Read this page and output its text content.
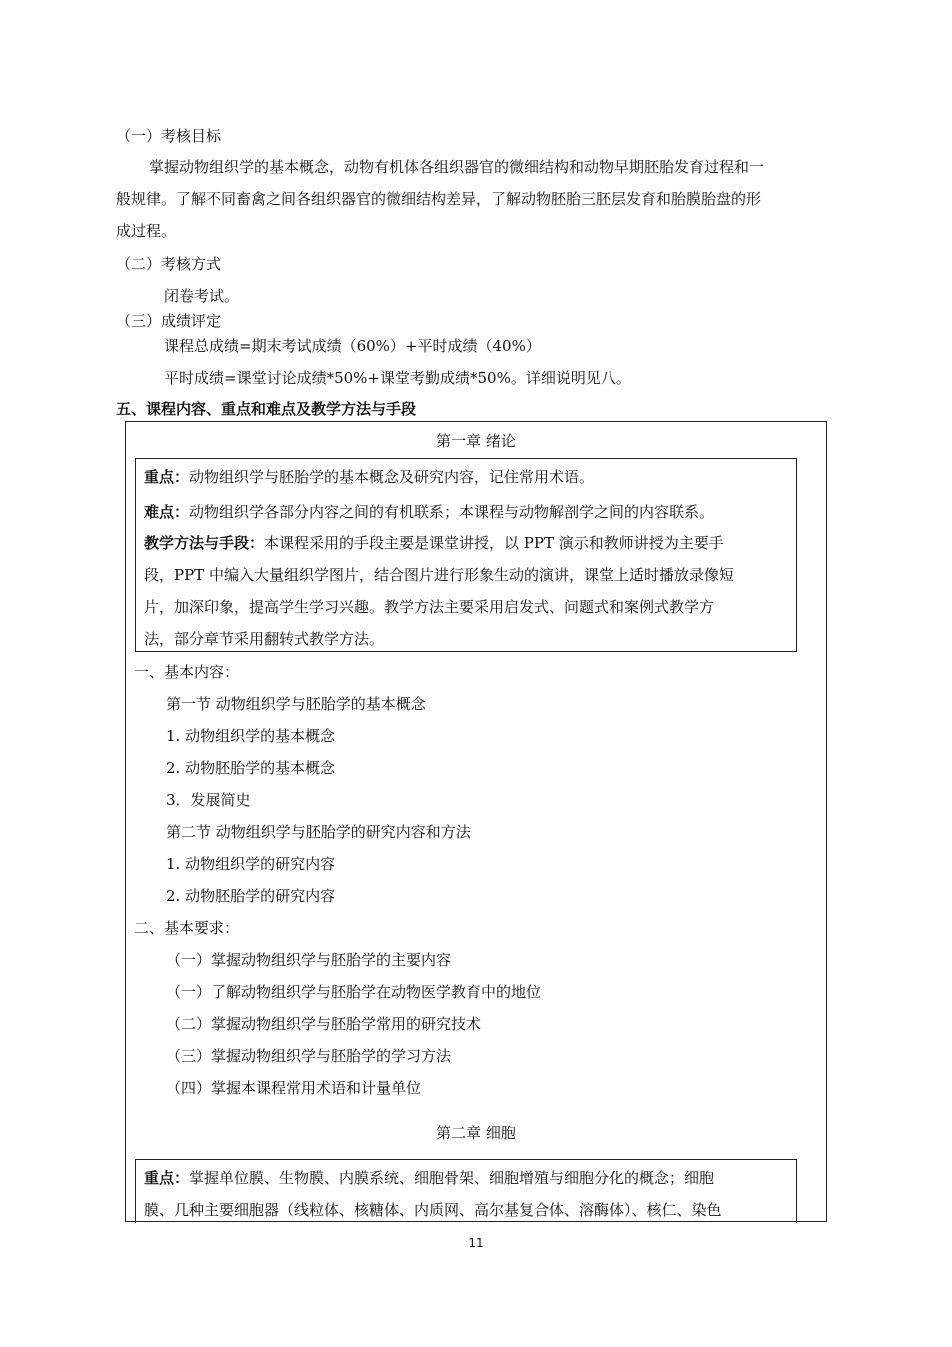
（一）考核目标
掌握动物组织学的基本概念，动物有机体各组织器官的微细结构和动物早期胚胎发育过程和一
般规律。了解不同畜禽之间各组织器官的微细结构差异，了解动物胚胎三胚层发育和胎膜胎盘的形
成过程。
（二）考核方式
闭卷考试。
（三）成绩评定
课程总成绩=期末考试成绩（60%）+平时成绩（40%）
平时成绩=课堂讨论成绩*50%+课堂考勤成绩*50%。详细说明见八。
五、课程内容、重点和难点及教学方法与手段
第一章 绪论
重点：动物组织学与胚胎学的基本概念及研究内容，记住常用术语。
难点：动物组织学各部分内容之间的有机联系；本课程与动物解剖学之间的内容联系。
教学方法与手段：本课程采用的手段主要是课堂讲授，以 PPT 演示和教师讲授为主要手
段，PPT 中编入大量组织学图片，结合图片进行形象生动的演讲，课堂上适时播放录像短
片，加深印象，提高学生学习兴趣。教学方法主要采用启发式、问题式和案例式教学方
法，部分章节采用翻转式教学方法。
一、基本内容：
第一节 动物组织学与胚胎学的基本概念
1. 动物组织学的基本概念
2. 动物胚胎学的基本概念
3．发展简史
第二节 动物组织学与胚胎学的研究内容和方法
1. 动物组织学的研究内容
2. 动物胚胎学的研究内容
二、基本要求：
（一）掌握动物组织学与胚胎学的主要内容
（一）了解动物组织学与胚胎学在动物医学教育中的地位
（二）掌握动物组织学与胚胎学常用的研究技术
（三）掌握动物组织学与胚胎学的学习方法
（四）掌握本课程常用术语和计量单位
第二章 细胞
重点：掌握单位膜、生物膜、内膜系统、细胞骨架、细胞增殖与细胞分化的概念；细胞
膜、几种主要细胞器（线粒体、核糖体、内质网、高尔基复合体、溶酶体）、核仁、染色
11
